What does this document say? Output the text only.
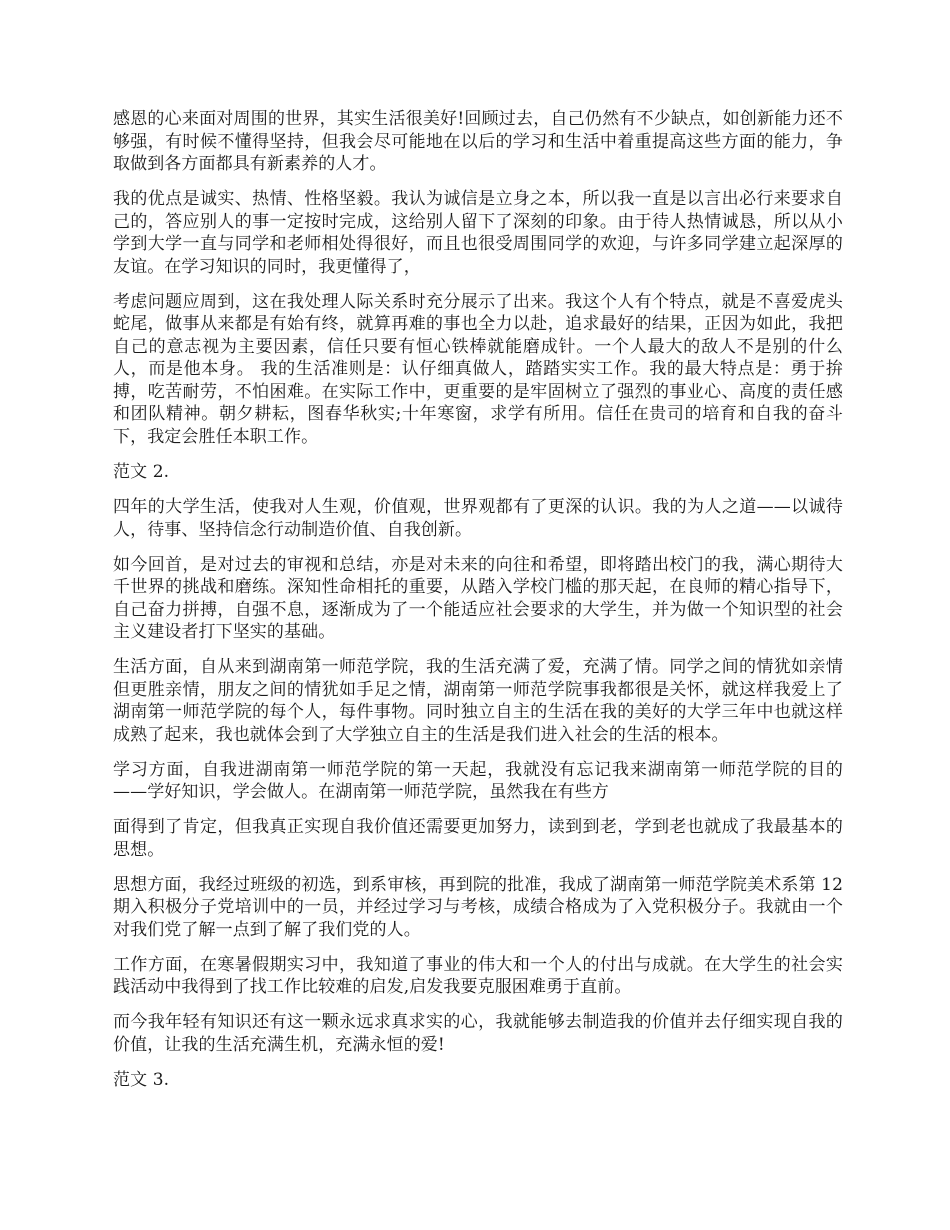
感恩的心来面对周围的世界，其实生活很美好!回顾过去，自己仍然有不少缺点，如创新能力还不够强，有时候不懂得坚持，但我会尽可能地在以后的学习和生活中着重提高这些方面的能力，争取做到各方面都具有新素养的人才。

我的优点是诚实、热情、性格坚毅。我认为诚信是立身之本，所以我一直是以言出必行来要求自己的，答应别人的事一定按时完成，这给别人留下了深刻的印象。由于待人热情诚恳，所以从小学到大学一直与同学和老师相处得很好，而且也很受周围同学的欢迎，与许多同学建立起深厚的友谊。在学习知识的同时，我更懂得了，

考虑问题应周到，这在我处理人际关系时充分展示了出来。我这个人有个特点，就是不喜爱虎头蛇尾，做事从来都是有始有终，就算再难的事也全力以赴，追求最好的结果，正因为如此，我把自己的意志视为主要因素，信任只要有恒心铁棒就能磨成针。一个人最大的敌人不是别的什么人，而是他本身。 我的生活准则是：认仔细真做人，踏踏实实工作。我的最大特点是：勇于拚搏，吃苦耐劳，不怕困难。在实际工作中，更重要的是牢固树立了强烈的事业心、高度的责任感和团队精神。朝夕耕耘，图春华秋实;十年寒窗，求学有所用。信任在贵司的培育和自我的奋斗下，我定会胜任本职工作。

范文 2.

四年的大学生活，使我对人生观，价值观，世界观都有了更深的认识。我的为人之道——以诚待人，待事、坚持信念行动制造价值、自我创新。

如今回首，是对过去的审视和总结，亦是对未来的向往和希望，即将踏出校门的我，满心期待大千世界的挑战和磨练。深知性命相托的重要，从踏入学校门槛的那天起，在良师的精心指导下，自己奋力拼搏，自强不息，逐渐成为了一个能适应社会要求的大学生，并为做一个知识型的社会主义建设者打下坚实的基础。

生活方面，自从来到湖南第一师范学院，我的生活充满了爱，充满了情。同学之间的情犹如亲情但更胜亲情，朋友之间的情犹如手足之情，湖南第一师范学院事我都很是关怀，就这样我爱上了湖南第一师范学院的每个人，每件事物。同时独立自主的生活在我的美好的大学三年中也就这样成熟了起来，我也就体会到了大学独立自主的生活是我们进入社会的生活的根本。

学习方面，自我进湖南第一师范学院的第一天起，我就没有忘记我来湖南第一师范学院的目的——学好知识，学会做人。在湖南第一师范学院，虽然我在有些方

面得到了肯定，但我真正实现自我价值还需要更加努力，读到到老，学到老也就成了我最基本的思想。

思想方面，我经过班级的初选，到系审核，再到院的批准，我成了湖南第一师范学院美术系第 12 期入积极分子党培训中的一员，并经过学习与考核，成绩合格成为了入党积极分子。我就由一个对我们党了解一点到了解了我们党的人。

工作方面，在寒暑假期实习中，我知道了事业的伟大和一个人的付出与成就。在大学生的社会实践活动中我得到了找工作比较难的启发,启发我要克服困难勇于直前。

而今我年轻有知识还有这一颗永远求真求实的心，我就能够去制造我的价值并去仔细实现自我的价值，让我的生活充满生机，充满永恒的爱!

范文 3.
